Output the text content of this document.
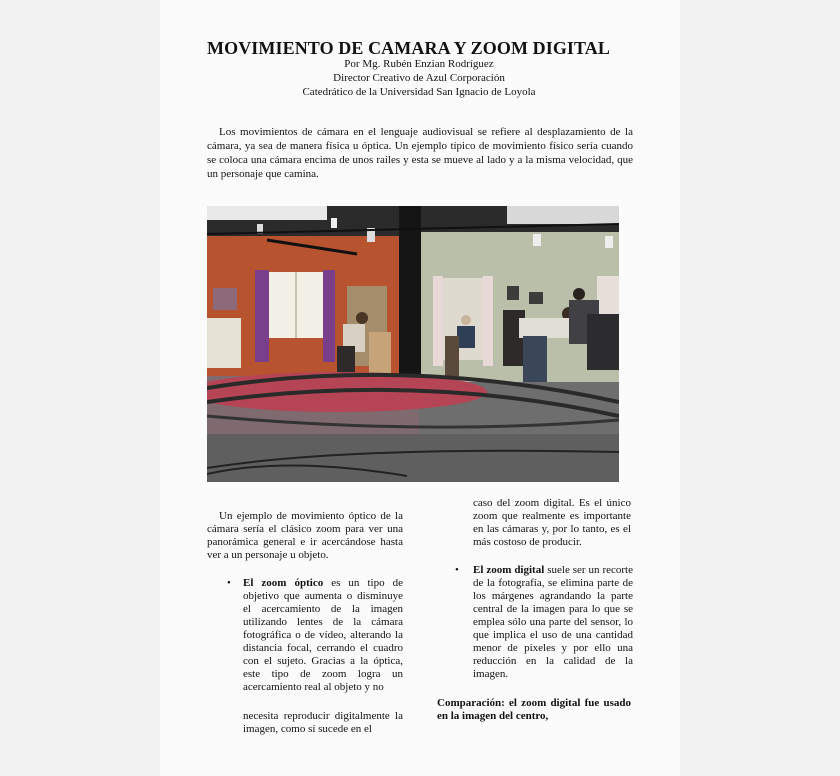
MOVIMIENTO DE CAMARA Y ZOOM DIGITAL
Por Mg. Rubén Enzian Rodríguez
Director Creativo de Azul Corporación
Catedrático de la Universidad San Ignacio de Loyola

Los movimientos de cámara en el lenguaje audiovisual se refiere al desplazamiento de la cámara, ya sea de manera física u óptica. Un ejemplo típico de movimiento físico sería cuando se coloca una cámara encima de unos railes y esta se mueve al lado y a la misma velocidad, que un personaje que camina.

Un ejemplo de movimiento óptico de la cámara sería el clásico zoom para ver una panorámica general e ir acercándose hasta ver a un personaje u objeto.

• El zoom óptico es un tipo de objetivo que aumenta o disminuye el acercamiento de la imagen utilizando lentes de la cámara fotográfica o de vídeo, alterando la distancia focal, cerrando el cuadro con el sujeto. Gracias a la óptica, este tipo de zoom logra un acercamiento real al objeto y no

necesita reproducir digitalmente la imagen, como sí sucede en el

caso del zoom digital. Es el único zoom que realmente es importante en las cámaras y, por lo tanto, es el más costoso de producir.

• El zoom digital suele ser un recorte de la fotografía, se elimina parte de los márgenes agrandando la parte central de la imagen para lo que se emplea sólo una parte del sensor, lo que implica el uso de una cantidad menor de píxeles y por ello una reducción en la calidad de la imagen.

Comparación: el zoom digital fue usado en la imagen del centro,
